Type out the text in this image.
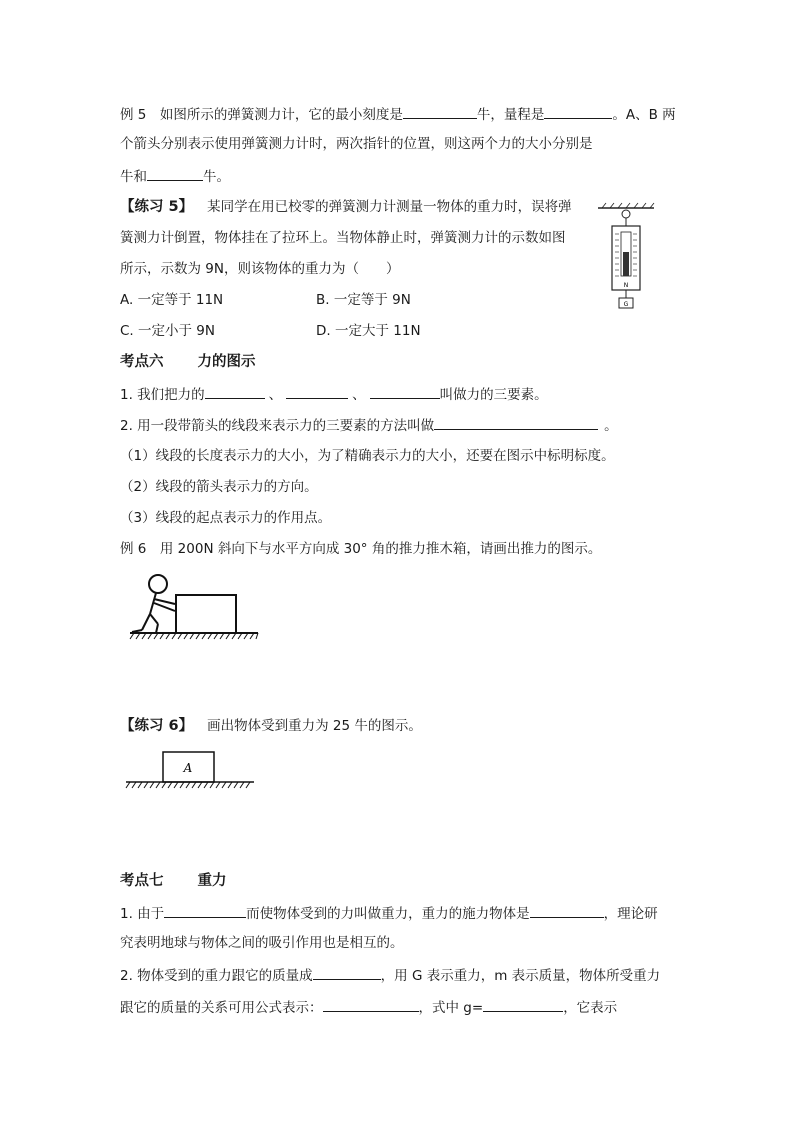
例 5　如图所示的弹簧测力计，它的最小刻度是	牛，量程是	。A、B 两
个箭头分别表示使用弹簧测力计时，两次指针的位置，则这两个力的大小分别是
牛和	牛。
【练习 5】 某同学在用已校零的弹簧测力计测量一物体的重力时，误将弹
簧测力计倒置，物体挂在了拉环上。当物体静止时，弹簧测力计的示数如图
所示，示数为 9N，则该物体的重力为（　　）
A. 一定等于 11N	B. 一定等于 9N
C. 一定小于 9N	D. 一定大于 11N
N
G
考点六 力的图示
1. 我们把力的	、	、	叫做力的三要素。
2. 用一段带箭头的线段来表示力的三要素的方法叫做	。
（1）线段的长度表示力的大小，为了精确表示力的大小，还要在图示中标明标度。
（2）线段的箭头表示力的方向。
（3）线段的起点表示力的作用点。
例 6　用 200N 斜向下与水平方向成 30° 角的推力推木箱，请画出推力的图示。
【练习 6】 画出物体受到重力为 25 牛的图示。
A
考点七 重力
1. 由于	而使物体受到的力叫做重力，重力的施力物体是	，理论研
究表明地球与物体之间的吸引作用也是相互的。
2. 物体受到的重力跟它的质量成	，用 G 表示重力，m 表示质量，物体所受重力
跟它的质量的关系可用公式表示：	，式中 g=	，它表示
